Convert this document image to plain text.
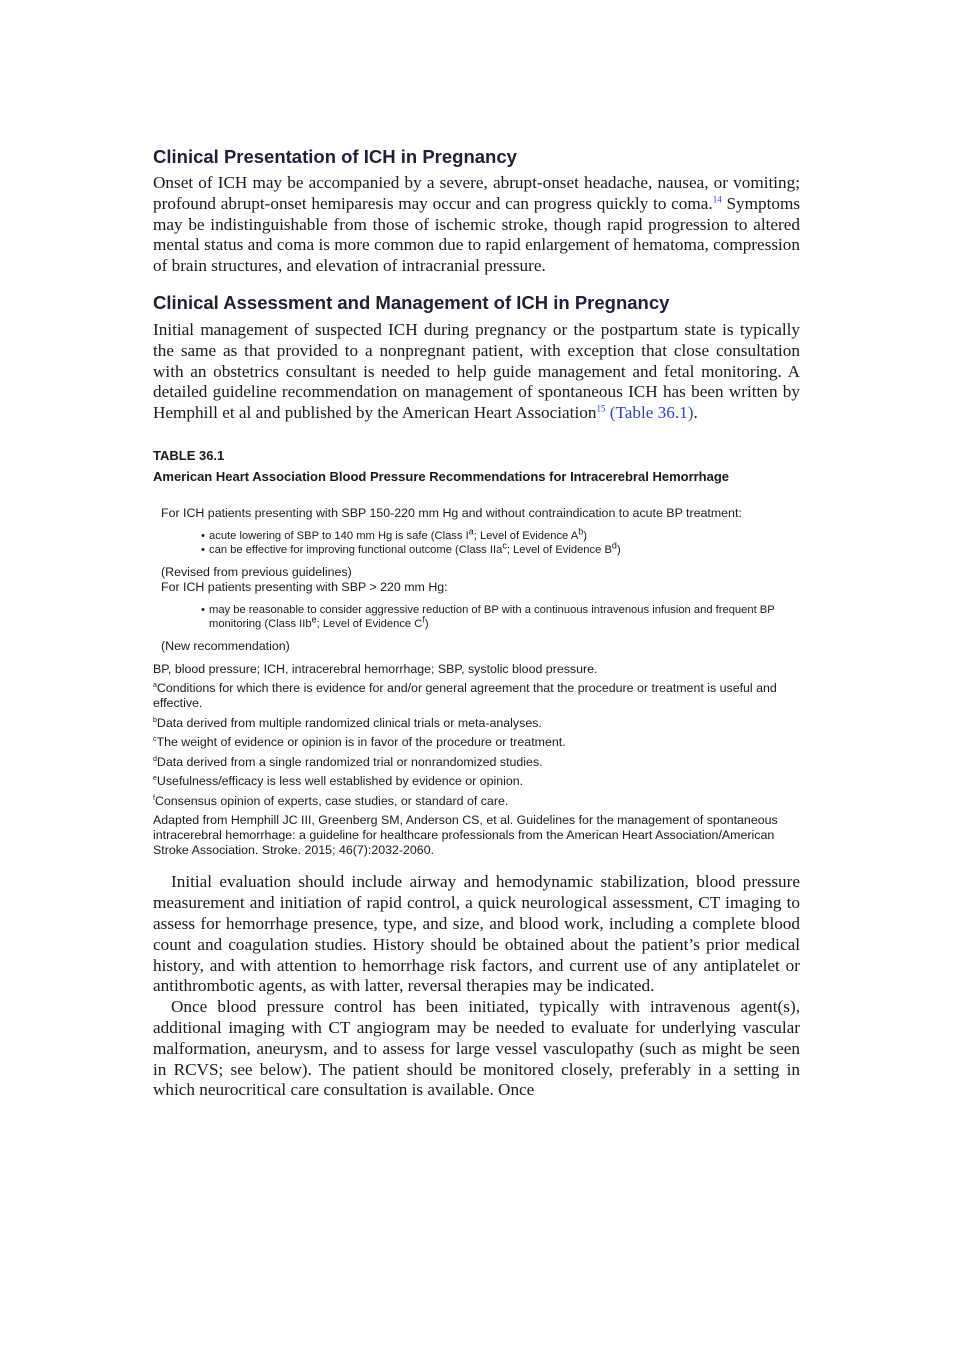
Clinical Presentation of ICH in Pregnancy

Onset of ICH may be accompanied by a severe, abrupt-onset headache, nausea, or vomiting; profound abrupt-onset hemiparesis may occur and can progress quickly to coma.$^{14}$ Symptoms may be indistinguishable from those of ischemic stroke, though rapid progression to altered mental status and coma is more common due to rapid enlargement of hematoma, compression of brain structures, and elevation of intracranial pressure.

Clinical Assessment and Management of ICH in Pregnancy

Initial management of suspected ICH during pregnancy or the postpartum state is typically the same as that provided to a nonpregnant patient, with exception that close consultation with an obstetrics consultant is needed to help guide management and fetal monitoring. A detailed guideline recommendation on management of spontaneous ICH has been written by Hemphill et al and published by the American Heart Association$^{15}$ (Table 36.1).

TABLE 36.1

American Heart Association Blood Pressure Recommendations for Intracerebral Hemorrhage

For ICH patients presenting with SBP 150-220 mm Hg and without contraindication to acute BP treatment:

• acute lowering of SBP to 140 mm Hg is safe (Class $I^a$; Level of Evidence $A^b$)
• can be effective for improving functional outcome (Class IIa$^c$; Level of Evidence $B^d$)

(Revised from previous guidelines)

For ICH patients presenting with SBP > 220 mm Hg:

• may be reasonable to consider aggressive reduction of BP with a continuous intravenous infusion and frequent BP monitoring (Class IIb$^e$; Level of Evidence $C^f$)

(New recommendation)

BP, blood pressure; ICH, intracerebral hemorrhage; SBP, systolic blood pressure.

$^a$Conditions for which there is evidence for and/or general agreement that the procedure or treatment is useful and effective.

$^b$Data derived from multiple randomized clinical trials or meta-analyses.

$^c$The weight of evidence or opinion is in favor of the procedure or treatment.

$^d$Data derived from a single randomized trial or nonrandomized studies.

$^e$Usefulness/efficacy is less well established by evidence or opinion.

$^f$Consensus opinion of experts, case studies, or standard of care.

Adapted from Hemphill JC III, Greenberg SM, Anderson CS, et al. Guidelines for the management of spontaneous intracerebral hemorrhage: a guideline for healthcare professionals from the American Heart Association/American Stroke Association. Stroke. 2015; 46(7):2032-2060.

Initial evaluation should include airway and hemodynamic stabilization, blood pressure measurement and initiation of rapid control, a quick neurological assessment, CT imaging to assess for hemorrhage presence, type, and size, and blood work, including a complete blood count and coagulation studies. History should be obtained about the patient’s prior medical history, and with attention to hemorrhage risk factors, and current use of any antiplatelet or antithrombotic agents, as with latter, reversal therapies may be indicated.

Once blood pressure control has been initiated, typically with intravenous agent(s), additional imaging with CT angiogram may be needed to evaluate for underlying vascular malformation, aneurysm, and to assess for large vessel vasculopathy (such as might be seen in RCVS; see below). The patient should be monitored closely, preferably in a setting in which neurocritical care consultation is available. Once
